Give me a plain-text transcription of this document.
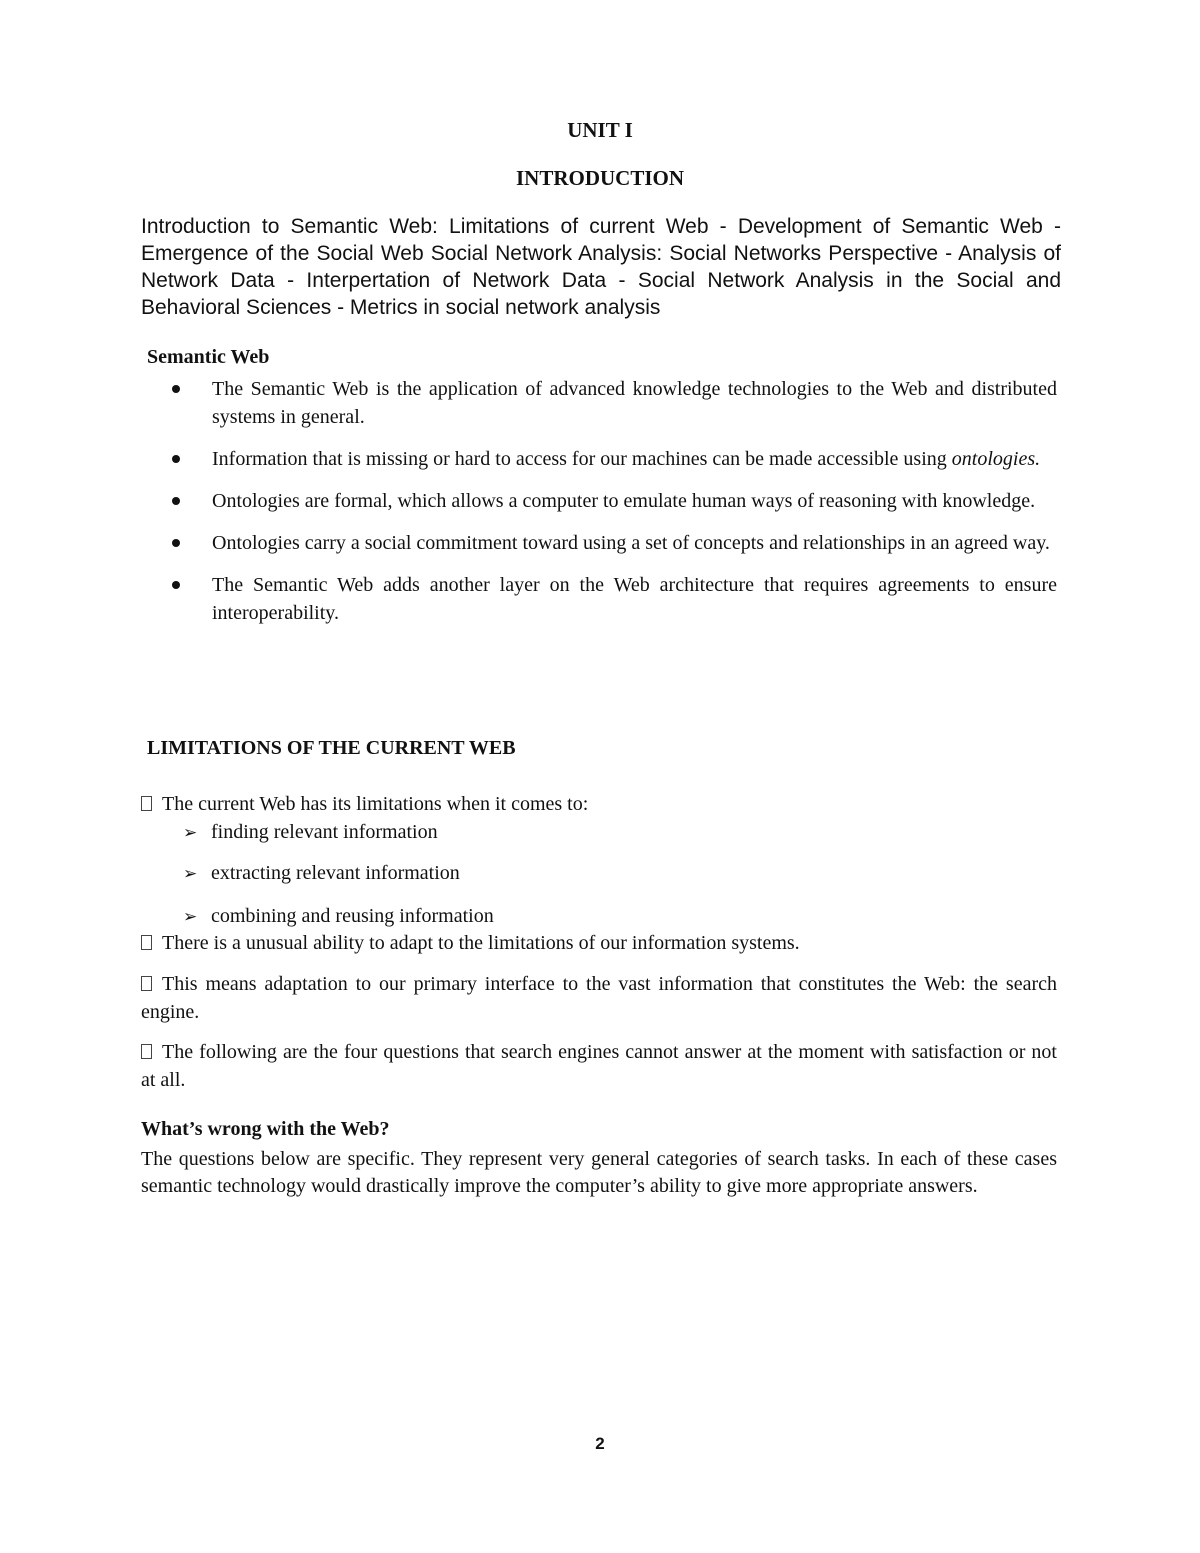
UNIT I
INTRODUCTION
Introduction to Semantic Web: Limitations of current Web - Development of Semantic Web - Emergence of the Social Web Social Network Analysis: Social Networks Perspective - Analysis of Network Data - Interpertation of Network Data - Social Network Analysis in the Social and Behavioral Sciences - Metrics in social network analysis
Semantic Web
The Semantic Web is the application of advanced knowledge technologies to the Web and distributed systems in general.
Information that is missing or hard to access for our machines can be made accessible using ontologies.
Ontologies are formal, which allows a computer to emulate human ways of reasoning with knowledge.
Ontologies carry a social commitment toward using a set of concepts and relationships in an agreed way.
The Semantic Web adds another layer on the Web architecture that requires agreements to ensure interoperability.
LIMITATIONS OF THE CURRENT WEB
The current Web has its limitations when it comes to:
➢ finding relevant information
➢ extracting relevant information
➢ combining and reusing information
There is a unusual ability to adapt to the limitations of our information systems.
This means adaptation to our primary interface to the vast information that constitutes the Web: the search engine.
The following are the four questions that search engines cannot answer at the moment with satisfaction or not at all.
What’s wrong with the Web?
The questions below are specific. They represent very general categories of search tasks. In each of these cases semantic technology would drastically improve the computer’s ability to give more appropriate answers.
2
